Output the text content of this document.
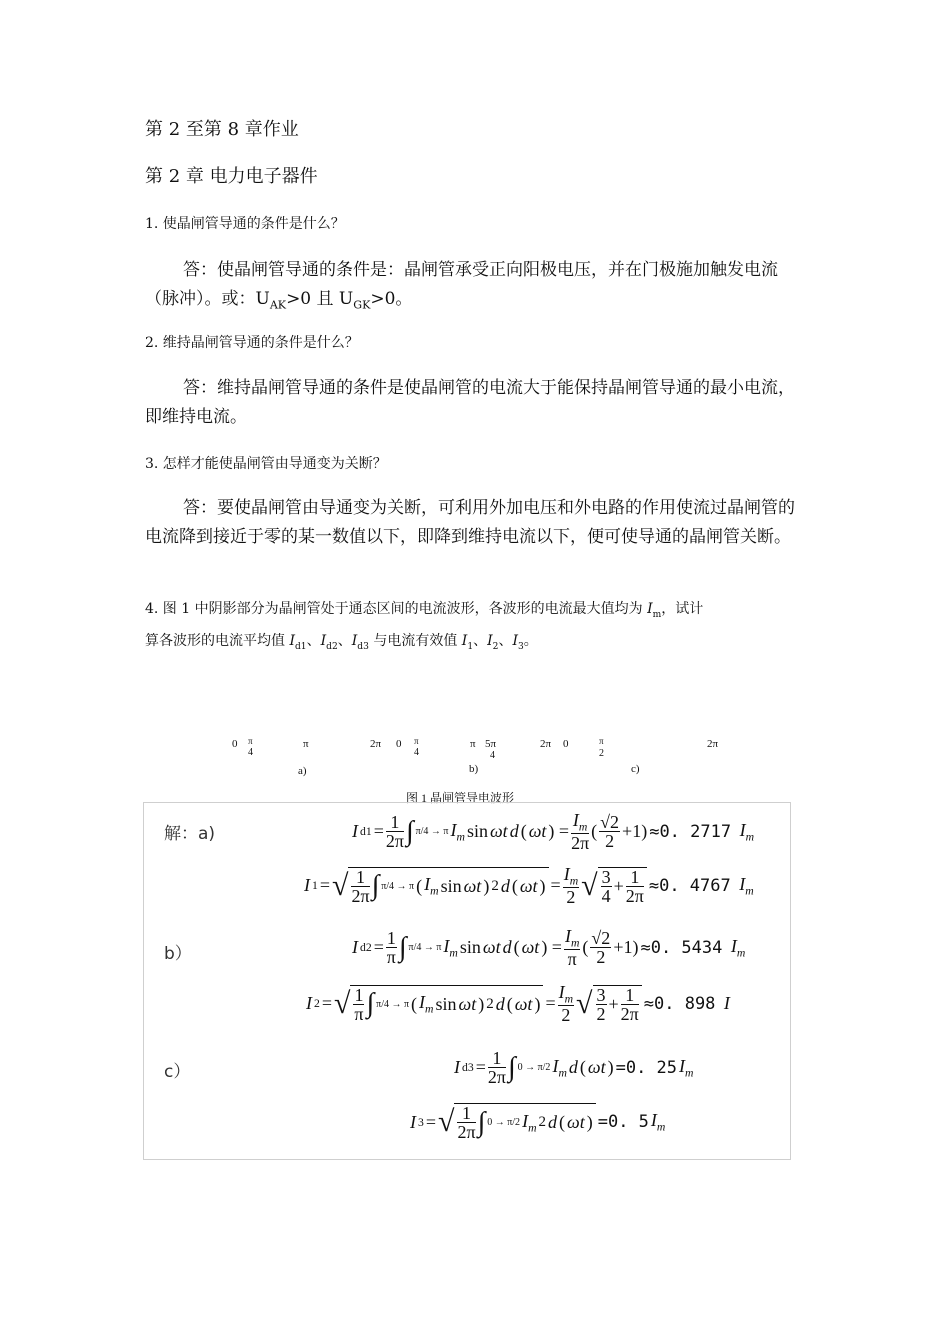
第 2 至第 8 章作业
第 2 章 电力电子器件
1. 使晶闸管导通的条件是什么？
答：使晶闸管导通的条件是：晶闸管承受正向阳极电压，并在门极施加触发电流（脉冲）。或：$U_{AK}>0$ 且 $U_{GK}>0$。
2. 维持晶闸管导通的条件是什么？
答：维持晶闸管导通的条件是使晶闸管的电流大于能保持晶闸管导通的最小电流，即维持电流。
3. 怎样才能使晶闸管由导通变为关断？
答：要使晶闸管由导通变为关断，可利用外加电压和外电路的作用使流过晶闸管的电流降到接近于零的某一数值以下，即降到维持电流以下，便可使导通的晶闸管关断。
4. 图 1 中阴影部分为晶闸管处于通态区间的电流波形，各波形的电流最大值均为 $I_m$，试计
算各波形的电流平均值 $I_{d1}$、$I_{d2}$、$I_{d3}$ 与电流有效值 $I_1$、$I_2$、$I_3$。
0 π
4
π	2π 0 π
4
π 5π
4
2π 0	π
2
2π
a)	b)	c)
图 1 晶闸管导电波形
解：a)	I $d1 = \frac{1}{2\pi}$ ∫ π/4 → π $I_m$ sin ωt d ( ωt ) = $\frac{I_m}{2\pi}$ ( $\frac{√2}{2} +1) \approx 0$. 2717
$I_m$
I 1 = √ $\frac{1}{2\pi}$ ∫ π/4 → π ( $I_m$ sin ωt ) 2 d ( ωt ) = $\frac{I_m}{2}$ √ $\frac{3}{4} + \frac{1}{2\pi} \approx 0$. 4767
$I_m$
b）	I $d2 = \frac{1}{\pi}$ ∫ π/4 → π $I_m$ sin ωt d ( ωt ) = $\frac{I_m}{\pi}$ ( $\frac{√2}{2} +1) \approx 0$. 5434
$I_m$
I 2 = √ $\frac{1}{\pi}$ ∫ π/4 → π ( $I_m$ sin ωt ) 2 d ( ωt ) = $\frac{I_m}{2}$ √ $\frac{3}{2} + \frac{1}{2\pi} \approx 0$. 898
I
c）	I $d3 = \frac{1}{2\pi}$ ∫ 0 → π/2 $I_m$ d ( ωt ) =0. 25 $I_m$
I 3 = √ $\frac{1}{2\pi}$ ∫ 0 → π/2 $I_m$ 2 d ( ωt ) =0. 5 $I_m$
